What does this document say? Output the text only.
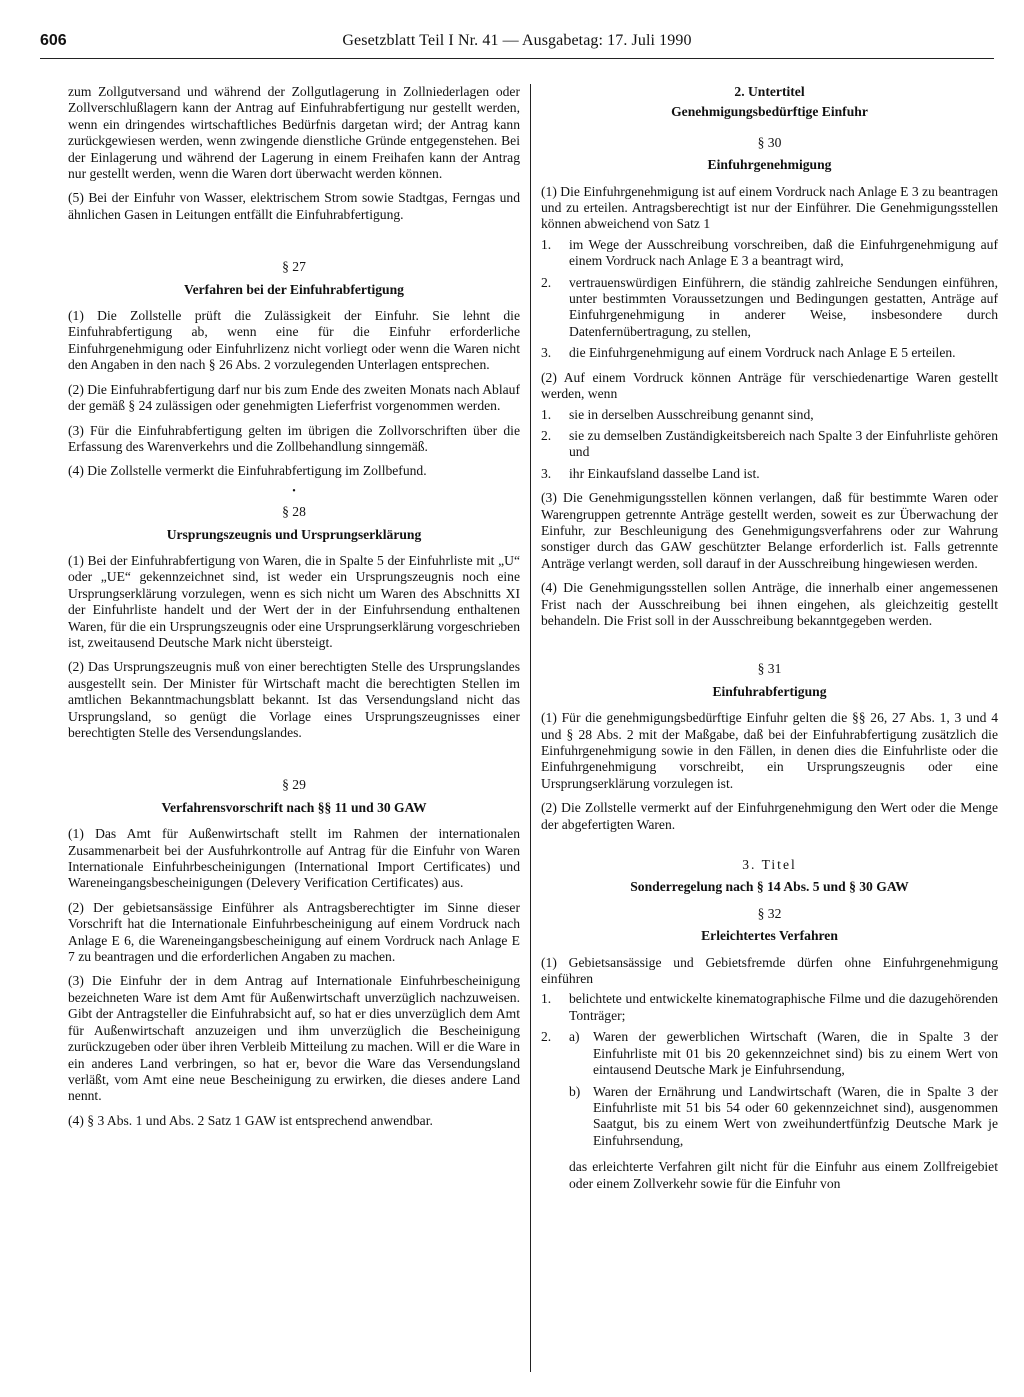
606	Gesetzblatt Teil I Nr. 41 — Ausgabetag: 17. Juli 1990

zum Zollgutversand und während der Zollgutlagerung in Zollniederlagen oder Zollverschlußlagern kann der Antrag auf Einfuhrabfertigung nur gestellt werden, wenn ein dringendes wirtschaftliches Bedürfnis dargetan wird; der Antrag kann zurückgewiesen werden, wenn zwingende dienstliche Gründe entgegenstehen. Bei der Einlagerung und während der Lagerung in einem Freihafen kann der Antrag nur gestellt werden, wenn die Waren dort überwacht werden können.

(5) Bei der Einfuhr von Wasser, elektrischem Strom sowie Stadtgas, Ferngas und ähnlichen Gasen in Leitungen entfällt die Einfuhrabfertigung.

§ 27
Verfahren bei der Einfuhrabfertigung

(1) Die Zollstelle prüft die Zulässigkeit der Einfuhr. Sie lehnt die Einfuhrabfertigung ab, wenn eine für die Einfuhr erforderliche Einfuhrgenehmigung oder Einfuhrlizenz nicht vorliegt oder wenn die Waren nicht den Angaben in den nach § 26 Abs. 2 vorzulegenden Unterlagen entsprechen.

(2) Die Einfuhrabfertigung darf nur bis zum Ende des zweiten Monats nach Ablauf der gemäß § 24 zulässigen oder genehmigten Lieferfrist vorgenommen werden.

(3) Für die Einfuhrabfertigung gelten im übrigen die Zollvorschriften über die Erfassung des Warenverkehrs und die Zollbehandlung sinngemäß.

(4) Die Zollstelle vermerkt die Einfuhrabfertigung im Zollbefund.

•
§ 28
Ursprungszeugnis und Ursprungserklärung

(1) Bei der Einfuhrabfertigung von Waren, die in Spalte 5 der Einfuhrliste mit „U“ oder „UE“ gekennzeichnet sind, ist weder ein Ursprungszeugnis noch eine Ursprungserklärung vorzulegen, wenn es sich nicht um Waren des Abschnitts XI der Einfuhrliste handelt und der Wert der in der Einfuhrsendung enthaltenen Waren, für die ein Ursprungszeugnis oder eine Ursprungserklärung vorgeschrieben ist, zweitausend Deutsche Mark nicht übersteigt.

(2) Das Ursprungszeugnis muß von einer berechtigten Stelle des Ursprungslandes ausgestellt sein. Der Minister für Wirtschaft macht die berechtigten Stellen im amtlichen Bekanntmachungsblatt bekannt. Ist das Versendungsland nicht das Ursprungsland, so genügt die Vorlage eines Ursprungszeugnisses einer berechtigten Stelle des Versendungslandes.

§ 29
Verfahrensvorschrift nach §§ 11 und 30 GAW

(1) Das Amt für Außenwirtschaft stellt im Rahmen der internationalen Zusammenarbeit bei der Ausfuhrkontrolle auf Antrag für die Einfuhr von Waren Internationale Einfuhrbescheinigungen (International Import Certificates) und Wareneingangsbescheinigungen (Delevery Verification Certificates) aus.

(2) Der gebietsansässige Einführer als Antragsberechtigter im Sinne dieser Vorschrift hat die Internationale Einfuhrbescheinigung auf einem Vordruck nach Anlage E 6, die Wareneingangsbescheinigung auf einem Vordruck nach Anlage E 7 zu beantragen und die erforderlichen Angaben zu machen.

(3) Die Einfuhr der in dem Antrag auf Internationale Einfuhrbescheinigung bezeichneten Ware ist dem Amt für Außenwirtschaft unverzüglich nachzuweisen. Gibt der Antragsteller die Einfuhrabsicht auf, so hat er dies unverzüglich dem Amt für Außenwirtschaft anzuzeigen und ihm unverzüglich die Bescheinigung zurückzugeben oder über ihren Verbleib Mitteilung zu machen. Will er die Ware in ein anderes Land verbringen, so hat er, bevor die Ware das Versendungsland verläßt, vom Amt eine neue Bescheinigung zu erwirken, die dieses andere Land nennt.

(4) § 3 Abs. 1 und Abs. 2 Satz 1 GAW ist entsprechend anwendbar.

2. Untertitel
Genehmigungsbedürftige Einfuhr
§ 30
Einfuhrgenehmigung

(1) Die Einfuhrgenehmigung ist auf einem Vordruck nach Anlage E 3 zu beantragen und zu erteilen. Antragsberechtigt ist nur der Einführer. Die Genehmigungsstellen können abweichend von Satz 1

1.	im Wege der Ausschreibung vorschreiben, daß die Einfuhrgenehmigung auf einem Vordruck nach Anlage E 3 a beantragt wird,
2.	vertrauenswürdigen Einführern, die ständig zahlreiche Sendungen einführen, unter bestimmten Voraussetzungen und Bedingungen gestatten, Anträge auf Einfuhrgenehmigung in anderer Weise, insbesondere durch Datenfernübertragung, zu stellen,
3.	die Einfuhrgenehmigung auf einem Vordruck nach Anlage E 5 erteilen.

(2) Auf einem Vordruck können Anträge für verschiedenartige Waren gestellt werden, wenn

1.	sie in derselben Ausschreibung genannt sind,
2.	sie zu demselben Zuständigkeitsbereich nach Spalte 3 der Einfuhrliste gehören und
3.	ihr Einkaufsland dasselbe Land ist.

(3) Die Genehmigungsstellen können verlangen, daß für bestimmte Waren oder Warengruppen getrennte Anträge gestellt werden, soweit es zur Überwachung der Einfuhr, zur Beschleunigung des Genehmigungsverfahrens oder zur Wahrung sonstiger durch das GAW geschützter Belange erforderlich ist. Falls getrennte Anträge verlangt werden, soll darauf in der Ausschreibung hingewiesen werden.

(4) Die Genehmigungsstellen sollen Anträge, die innerhalb einer angemessenen Frist nach der Ausschreibung bei ihnen eingehen, als gleichzeitig gestellt behandeln. Die Frist soll in der Ausschreibung bekanntgegeben werden.

§ 31
Einfuhrabfertigung

(1) Für die genehmigungsbedürftige Einfuhr gelten die §§ 26, 27 Abs. 1, 3 und 4 und § 28 Abs. 2 mit der Maßgabe, daß bei der Einfuhrabfertigung zusätzlich die Einfuhrgenehmigung sowie in den Fällen, in denen dies die Einfuhrliste oder die Einfuhrgenehmigung vorschreibt, ein Ursprungszeugnis oder eine Ursprungserklärung vorzulegen ist.

(2) Die Zollstelle vermerkt auf der Einfuhrgenehmigung den Wert oder die Menge der abgefertigten Waren.

3. Titel
Sonderregelung nach § 14 Abs. 5 und § 30 GAW
§ 32
Erleichtertes Verfahren

(1) Gebietsansässige und Gebietsfremde dürfen ohne Einfuhrgenehmigung einführen

1.	belichtete und entwickelte kinematographische Filme und die dazugehörenden Tonträger;
2.	a) Waren der gewerblichen Wirtschaft (Waren, die in Spalte 3 der Einfuhrliste mit 01 bis 20 gekennzeichnet sind) bis zu einem Wert von eintausend Deutsche Mark je Einfuhrsendung,
b) Waren der Ernährung und Landwirtschaft (Waren, die in Spalte 3 der Einfuhrliste mit 51 bis 54 oder 60 gekennzeichnet sind), ausgenommen Saatgut, bis zu einem Wert von zweihundertfünfzig Deutsche Mark je Einfuhrsendung,
das erleichterte Verfahren gilt nicht für die Einfuhr aus einem Zollfreigebiet oder einem Zollverkehr sowie für die Einfuhr von
